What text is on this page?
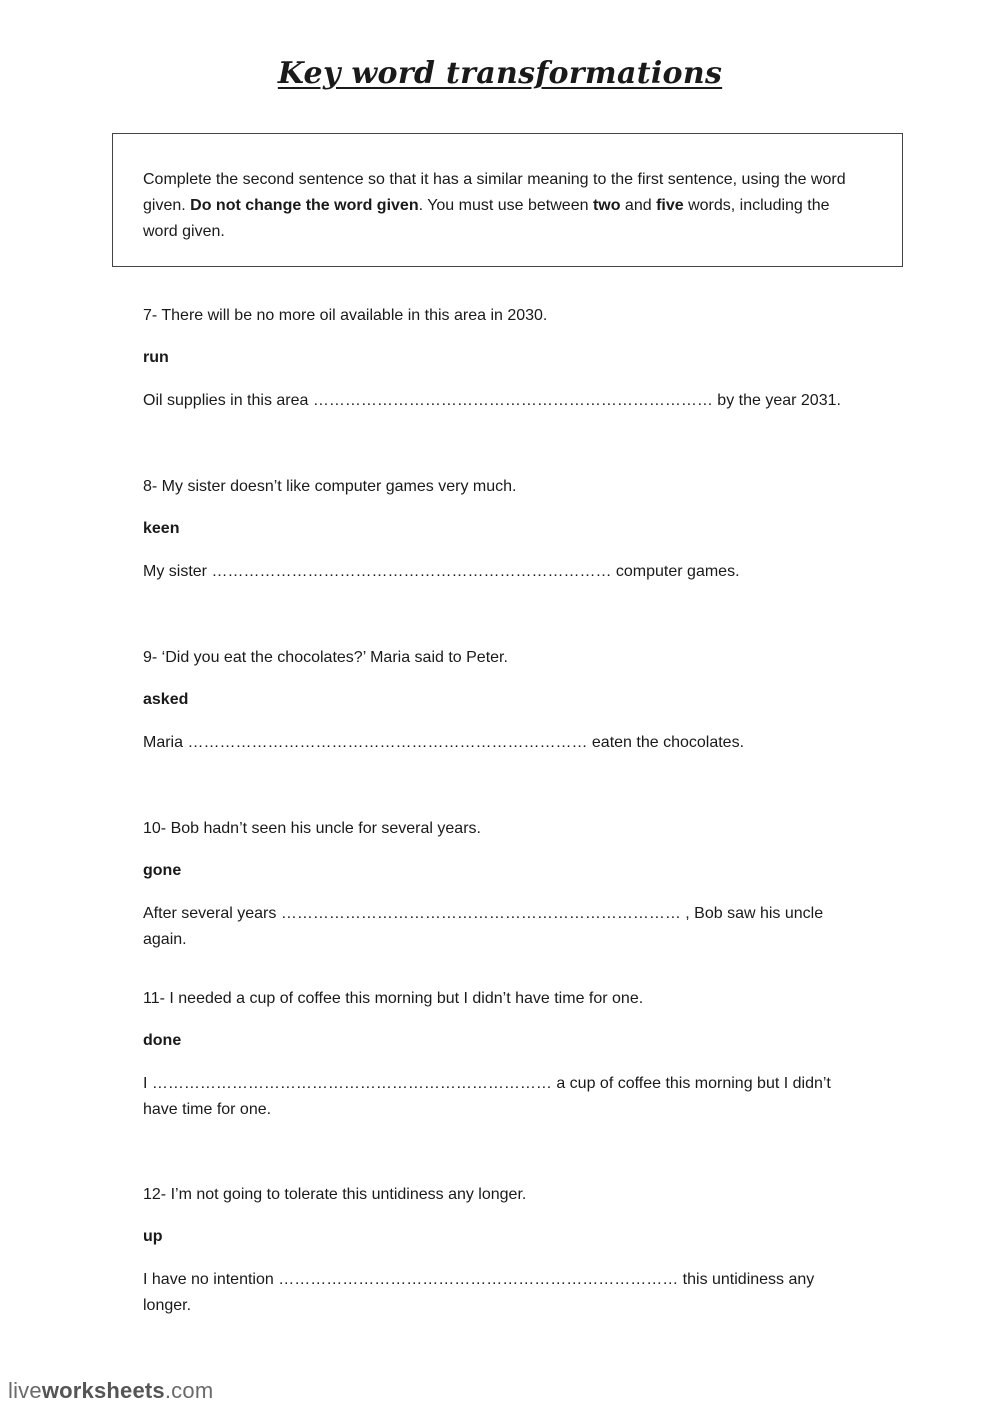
Key word transformations
Complete the second sentence so that it has a similar meaning to the first sentence, using the word given. Do not change the word given. You must use between two and five words, including the word given.
7- There will be no more oil available in this area in 2030.
run
Oil supplies in this area ………………………………………………………………… by the year 2031.
8- My sister doesn’t like computer games very much.
keen
My sister ………………………………………………………………… computer games.
9- ‘Did you eat the chocolates?’ Maria said to Peter.
asked
Maria ………………………………………………………………… eaten the chocolates.
10- Bob hadn’t seen his uncle for several years.
gone
After several years ………………………………………………………………… , Bob saw his uncle again.
11- I needed a cup of coffee this morning but I didn’t have time for one.
done
I ………………………………………………………………… a cup of coffee this morning but I didn’t have time for one.
12- I’m not going to tolerate this untidiness any longer.
up
I have no intention ………………………………………………………………… this untidiness any longer.
liveworksheets.com
